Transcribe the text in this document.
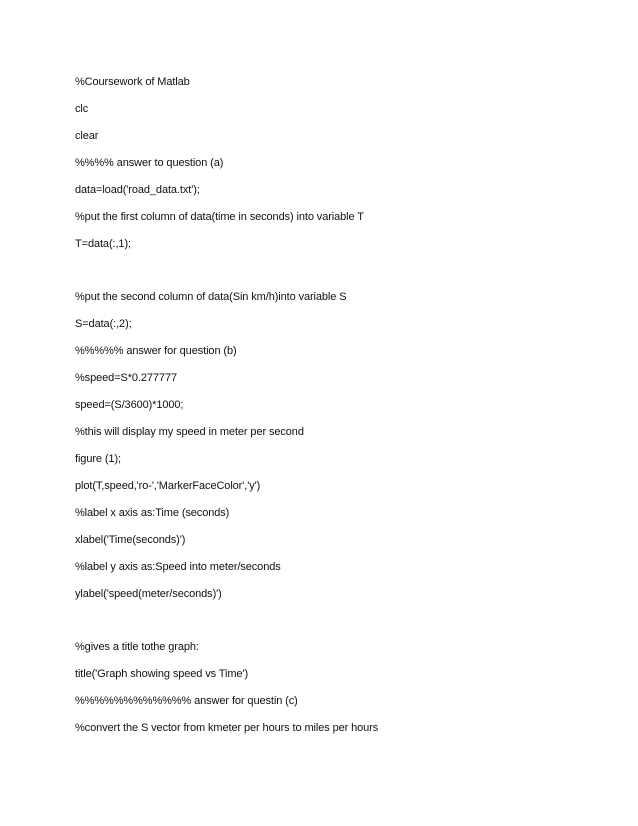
%Coursework of Matlab
clc
clear
%%%% answer to question (a)
data=load('road_data.txt');
%put the first column of data(time in seconds) into variable T
T=data(:,1);
%put the second column of data(Sin km/h)into variable S
S=data(:,2);
%%%%% answer for question (b)
%speed=S*0.277777
speed=(S/3600)*1000;
%this will display my speed in meter per second
figure (1);
plot(T,speed,'ro-','MarkerFaceColor','y')
%label x axis as:Time (seconds)
xlabel('Time(seconds)')
%label y axis as:Speed into meter/seconds
ylabel('speed(meter/seconds)')
%gives a title tothe graph:
title('Graph showing speed vs Time')
%%%%%%%%%%%% answer for questin (c)
%convert the S vector from kmeter per hours to miles per hours
